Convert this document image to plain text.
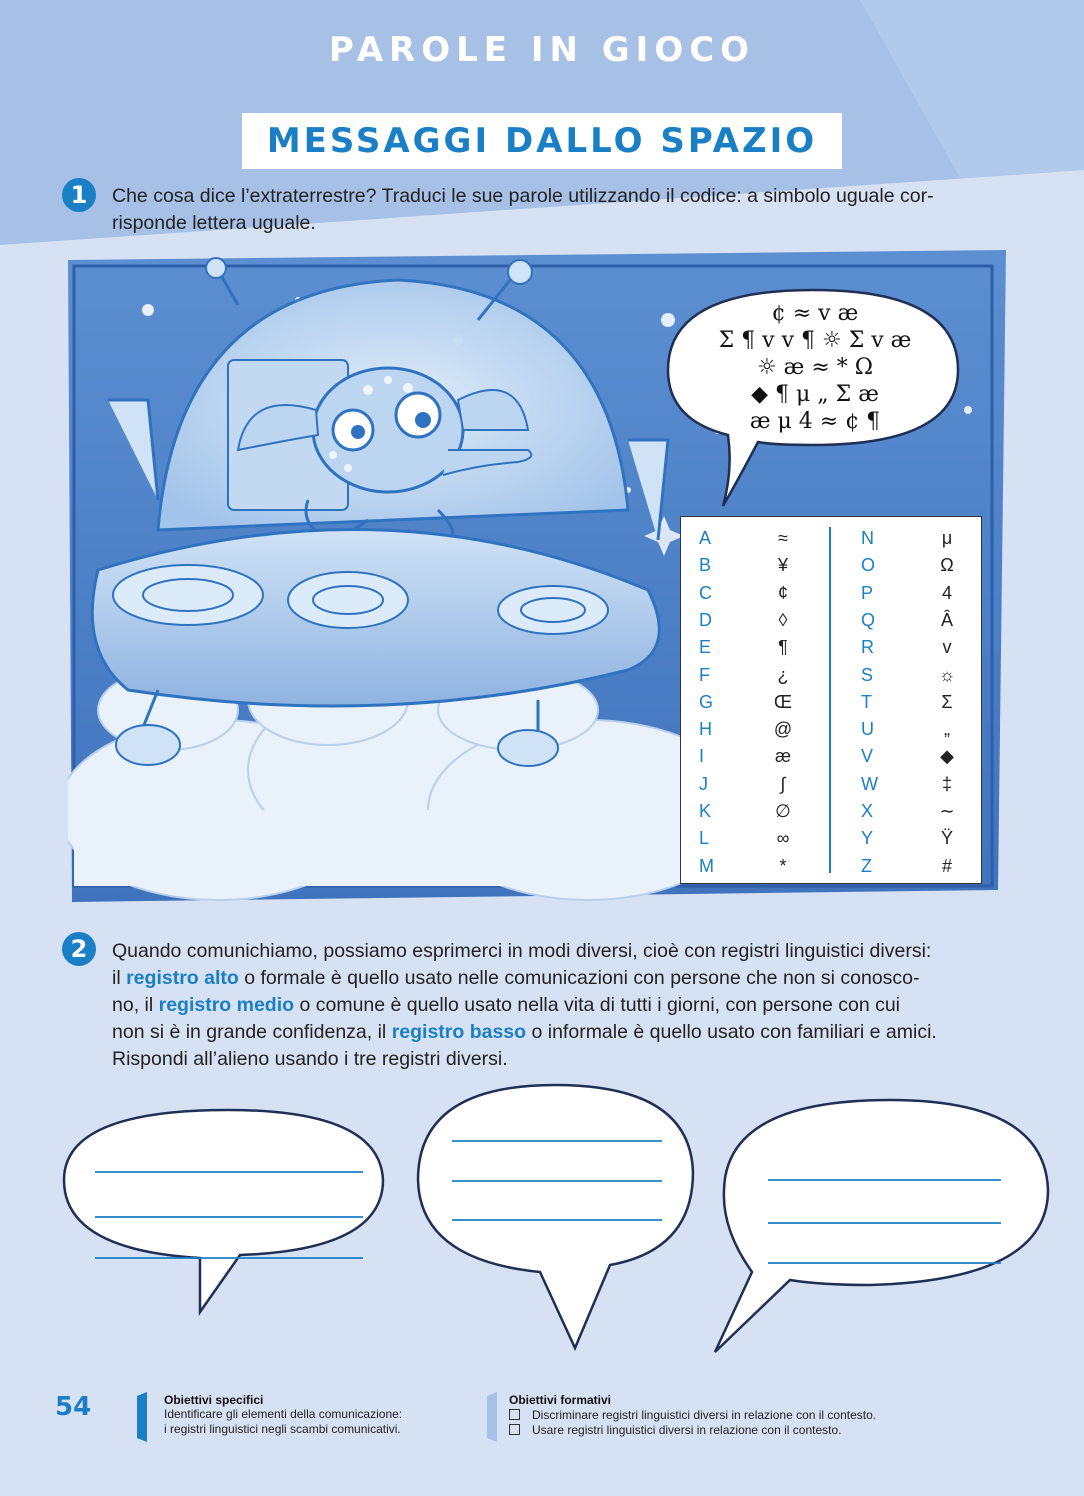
PAROLE IN GIOCO
MESSAGGI DALLO SPAZIO
1	Che cosa dice l’extraterrestre? Traduci le sue parole utilizzando il codice: a simbolo uguale cor-
risponde lettera uguale.
¢ ≈ v æ
Σ ¶ v v ¶ ☼ Σ v æ
☼ æ ≈ * Ω
◆ ¶ μ „ Σ æ
æ μ 4 ≈ ¢ ¶
A	≈
B	¥
C	¢
D	◊
E	¶
F	¿
G	Œ
H	@
I	æ
J	∫
K	∅
L	∞
M	*
N	μ
O	Ω
P	4
Q	Â
R	v
S	☼
T	Σ
U	„
V	◆
W	‡
X	∼
Y	Ÿ
Z	#
2	Quando comunichiamo, possiamo esprimerci in modi diversi, cioè con registri linguistici diversi:
il registro alto o formale è quello usato nelle comunicazioni con persone che non si conosco-
no, il registro medio o comune è quello usato nella vita di tutti i giorni, con persone con cui
non si è in grande confidenza, il registro basso o informale è quello usato con familiari e amici.
Rispondi all’alieno usando i tre registri diversi.
54	Obiettivi specifici
Identificare gli elementi della comunicazione:
i registri linguistici negli scambi comunicativi.
Obiettivi formativi
Discriminare registri linguistici diversi in relazione con il contesto.
Usare registri linguistici diversi in relazione con il contesto.
